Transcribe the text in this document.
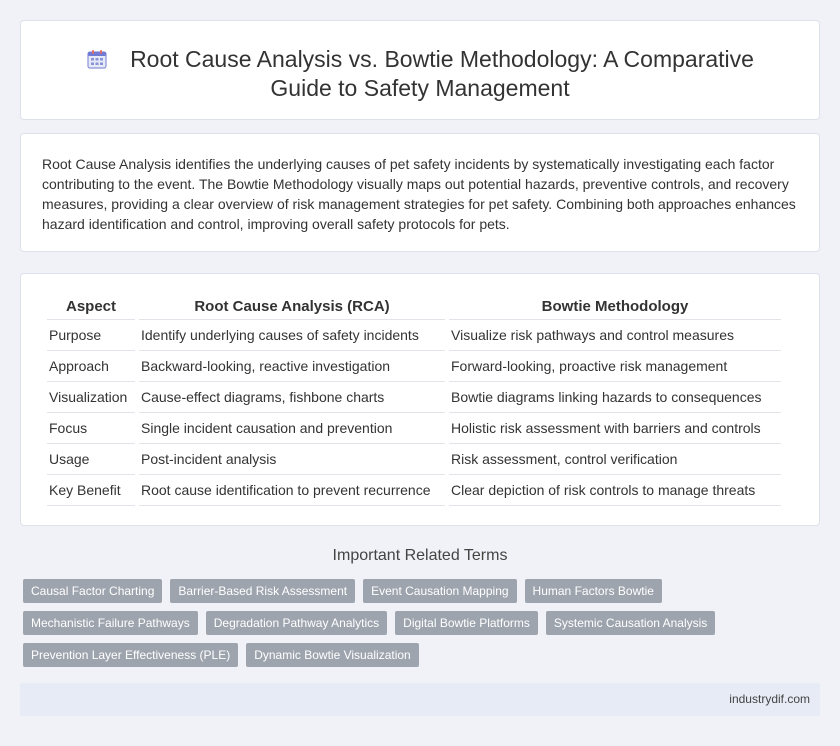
Root Cause Analysis vs. Bowtie Methodology: A Comparative Guide to Safety Management

Root Cause Analysis identifies the underlying causes of pet safety incidents by systematically investigating each factor contributing to the event. The Bowtie Methodology visually maps out potential hazards, preventive controls, and recovery measures, providing a clear overview of risk management strategies for pet safety. Combining both approaches enhances hazard identification and control, improving overall safety protocols for pets.

Aspect	Root Cause Analysis (RCA)	Bowtie Methodology
Purpose	Identify underlying causes of safety incidents	Visualize risk pathways and control measures
Approach	Backward-looking, reactive investigation	Forward-looking, proactive risk management
Visualization	Cause-effect diagrams, fishbone charts	Bowtie diagrams linking hazards to consequences
Focus	Single incident causation and prevention	Holistic risk assessment with barriers and controls
Usage	Post-incident analysis	Risk assessment, control verification
Key Benefit	Root cause identification to prevent recurrence	Clear depiction of risk controls to manage threats
Important Related Terms
Causal Factor Charting	Barrier-Based Risk Assessment	Event Causation Mapping	Human Factors Bowtie
Mechanistic Failure Pathways	Degradation Pathway Analytics	Digital Bowtie Platforms	Systemic Causation Analysis
Prevention Layer Effectiveness (PLE)	Dynamic Bowtie Visualization
industrydif.com
